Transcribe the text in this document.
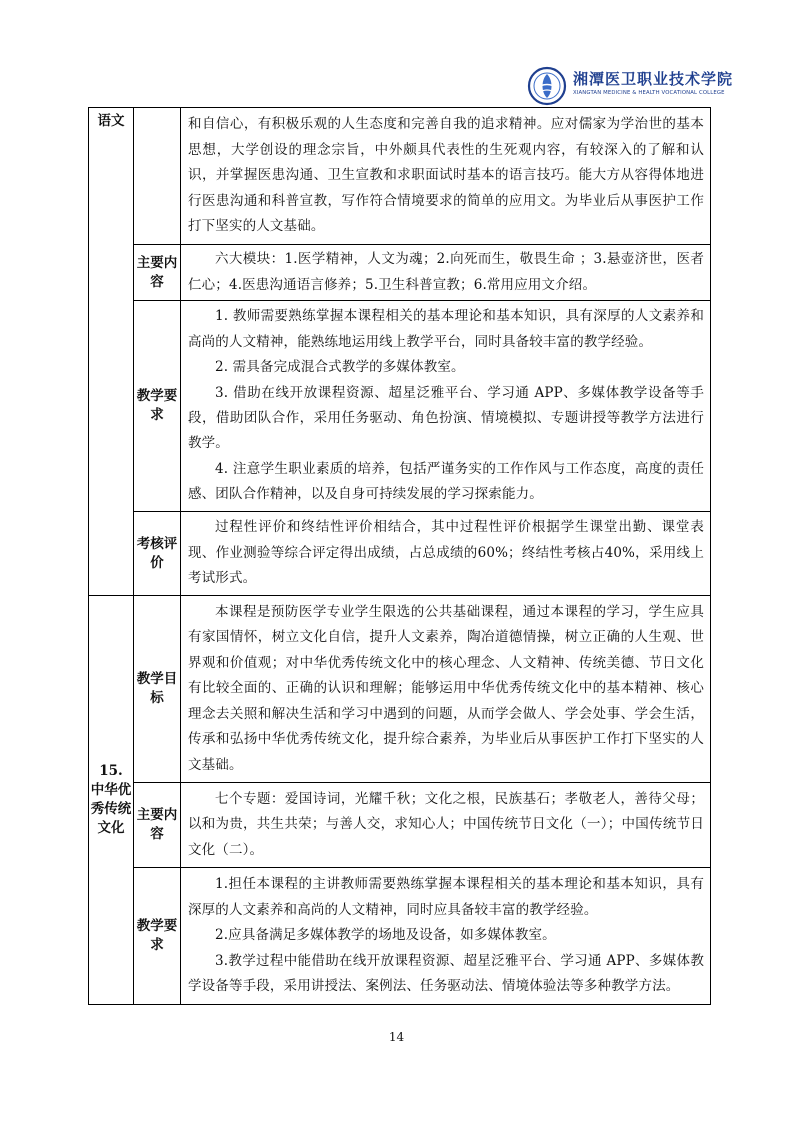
湘潭医卫职业技术学院
XIANGTAN MEDICINE & HEALTH VOCATIONAL COLLEGE
语文		和自信心，有积极乐观的人生态度和完善自我的追求精神。应对儒家为学治世的基本思想，大学创设的理念宗旨，中外颇具代表性的生死观内容，有较深入的了解和认识，并掌握医患沟通、卫生宣教和求职面试时基本的语言技巧。能大方从容得体地进行医患沟通和科普宣教，写作符合情境要求的简单的应用文。为毕业后从事医护工作打下坚实的人文基础。

	主要内容	六大模块：1.医学精神，人文为魂；2.向死而生，敬畏生命 ；3.悬壶济世，医者仁心；4.医患沟通语言修养；5.卫生科普宣教；6.常用应用文介绍。

	教学要求	1. 教师需要熟练掌握本课程相关的基本理论和基本知识，具有深厚的人文素养和高尚的人文精神，能熟练地运用线上教学平台，同时具备较丰富的教学经验。

2. 需具备完成混合式教学的多媒体教室。

3. 借助在线开放课程资源、超星泛雅平台、学习通 APP、多媒体教学设备等手段，借助团队合作，采用任务驱动、角色扮演、情境模拟、专题讲授等教学方法进行教学。

4. 注意学生职业素质的培养，包括严谨务实的工作作风与工作态度，高度的责任感、团队合作精神，以及自身可持续发展的学习探索能力。

	考核评价	过程性评价和终结性评价相结合，其中过程性评价根据学生课堂出勤、课堂表现、作业测验等综合评定得出成绩，占总成绩的60%；终结性考核占40%，采用线上考试形式。

15.
中华优秀传统文化	教学目标	本课程是预防医学专业学生限选的公共基础课程，通过本课程的学习，学生应具有家国情怀，树立文化自信，提升人文素养，陶冶道德情操，树立正确的人生观、世界观和价值观；对中华优秀传统文化中的核心理念、人文精神、传统美德、节日文化有比较全面的、正确的认识和理解；能够运用中华优秀传统文化中的基本精神、核心理念去关照和解决生活和学习中遇到的问题，从而学会做人、学会处事、学会生活，传承和弘扬中华优秀传统文化，提升综合素养，为毕业后从事医护工作打下坚实的人文基础。

	主要内容	七个专题：爱国诗词，光耀千秋；文化之根，民族基石；孝敬老人，善待父母；以和为贵，共生共荣；与善人交，求知心人；中国传统节日文化（一）；中国传统节日文化（二）。

	教学要求	1.担任本课程的主讲教师需要熟练掌握本课程相关的基本理论和基本知识，具有深厚的人文素养和高尚的人文精神，同时应具备较丰富的教学经验。

2.应具备满足多媒体教学的场地及设备，如多媒体教室。

3.教学过程中能借助在线开放课程资源、超星泛雅平台、学习通 APP、多媒体教学设备等手段，采用讲授法、案例法、任务驱动法、情境体验法等多种教学方法。

14
